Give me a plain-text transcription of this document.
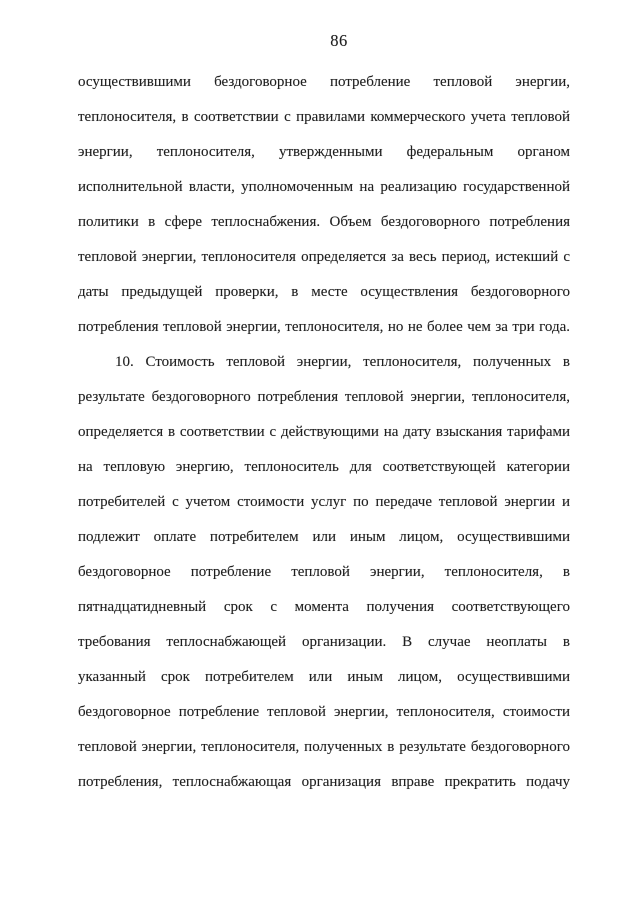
86
осуществившими бездоговорное потребление тепловой энергии,
теплоносителя, в соответствии с правилами коммерческого учета тепловой
энергии, теплоносителя, утвержденными федеральным органом
исполнительной власти, уполномоченным на реализацию государственной
политики в сфере теплоснабжения. Объем бездоговорного потребления
тепловой энергии, теплоносителя определяется за весь период, истекший с
даты предыдущей проверки, в месте осуществления бездоговорного
потребления тепловой энергии, теплоносителя, но не более чем за три года.
10. Стоимость тепловой энергии, теплоносителя, полученных в
результате бездоговорного потребления тепловой энергии, теплоносителя,
определяется в соответствии с действующими на дату взыскания тарифами
на тепловую энергию, теплоноситель для соответствующей категории
потребителей с учетом стоимости услуг по передаче тепловой энергии и
подлежит оплате потребителем или иным лицом, осуществившими
бездоговорное потребление тепловой энергии, теплоносителя, в
пятнадцатидневный срок с момента получения соответствующего
требования теплоснабжающей организации. В случае неоплаты в
указанный срок потребителем или иным лицом, осуществившими
бездоговорное потребление тепловой энергии, теплоносителя, стоимости
тепловой энергии, теплоносителя, полученных в результате бездоговорного
потребления, теплоснабжающая организация вправе прекратить подачу
